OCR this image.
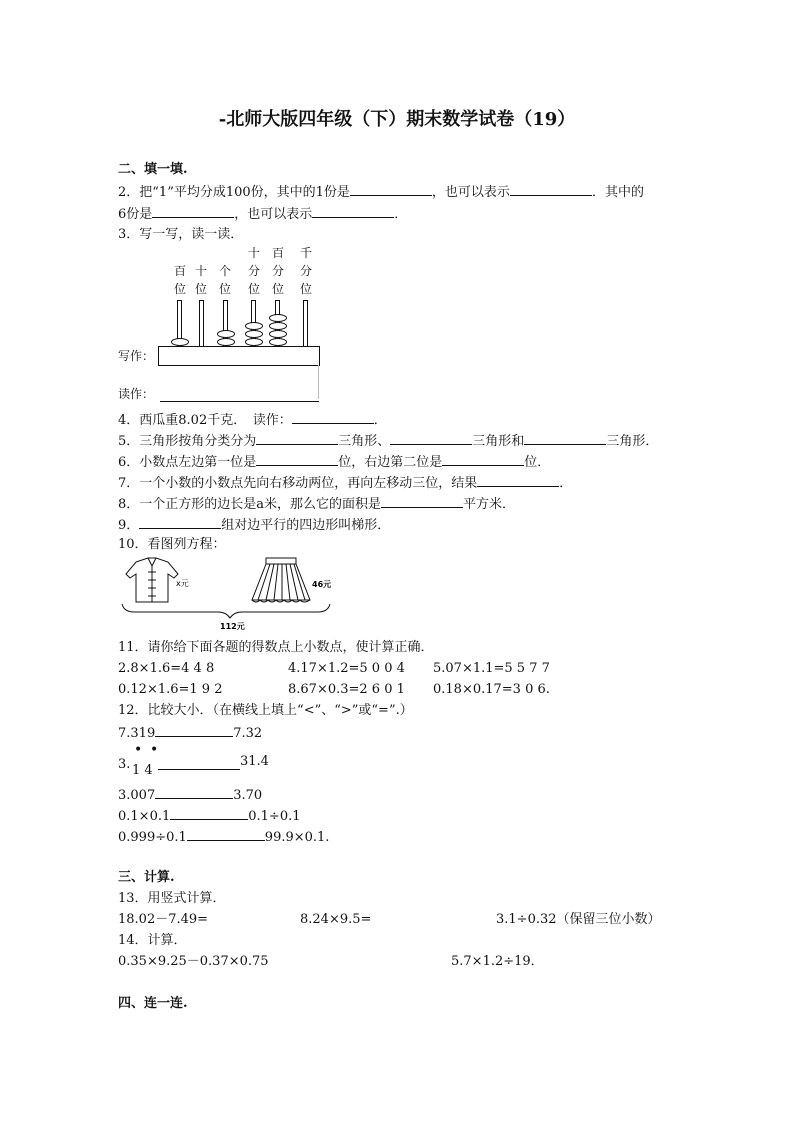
-北师大版四年级（下）期末数学试卷（19）
二、填一填.
2．把“1”平均分成100份，其中的1份是	，也可以表示	．其中的
6份是	，也可以表示	．
3．写一写，读一读．
十 百 千
百 十 个 分 分 分
位 位 位 位 位 位
写作：
读作：
4．西瓜重8.02千克．　读作：	．
5．三角形按角分类分为	三角形、	三角形和	三角形．
6．小数点左边第一位是	位，右边第二位是	位．
7．一个小数的小数点先向右移动两位，再向左移动三位，结果	．
8．一个正方形的边长是a米，那么它的面积是	平方米．
9．	组对边平行的四边形叫梯形．
10．看图列方程：
x元	46元
112元
11．请你给下面各题的得数点上小数点，使计算正确．
2.8×1.6=4 4 8	4.17×1.2=5 0 0 4 5.07×1.1=5 5 7 7
0.12×1.6=1 9 2	8.67×0.3=2 6 0 1 0.18×0.17=3 0 6.
12．比较大小．（在横线上填上“<”、“>”或“=”.）
7.319	7.32
• •
3. 1 4
31.4
3.007	3.70
0.1×0.1	0.1÷0.1
0.999÷0.1	99.9×0.1.
三、计算.
13．用竖式计算．
18.02－7.49=	8.24×9.5=	3.1÷0.32（保留三位小数）
14．计算．
0.35×9.25－0.37×0.75	5.7×1.2÷19．
四、连一连.
